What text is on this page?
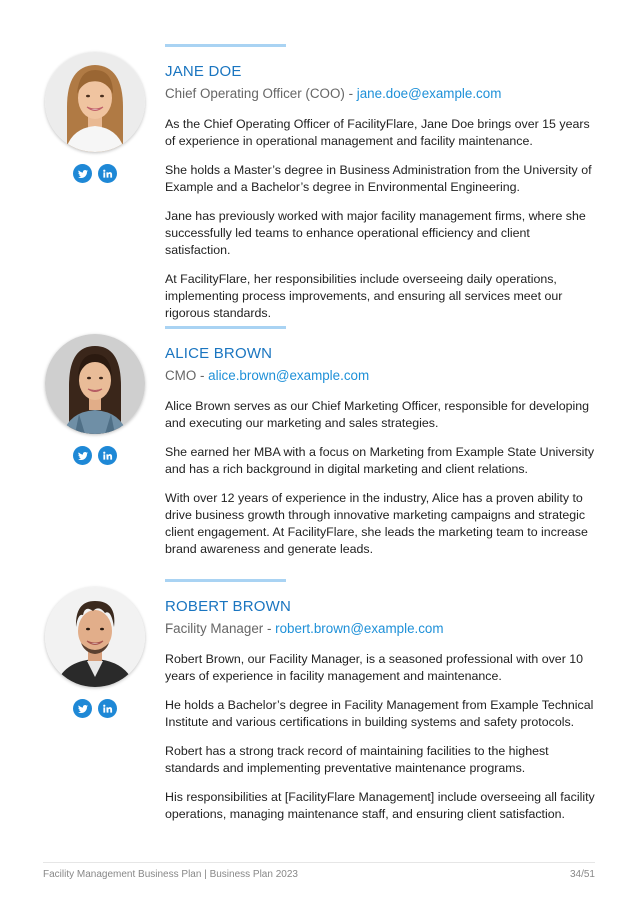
JANE DOE
Chief Operating Officer (COO) - jane.doe@example.com

As the Chief Operating Officer of FacilityFlare, Jane Doe brings over 15 years of experience in operational management and facility maintenance.

She holds a Master’s degree in Business Administration from the University of Example and a Bachelor’s degree in Environmental Engineering.

Jane has previously worked with major facility management firms, where she successfully led teams to enhance operational efficiency and client satisfaction.

At FacilityFlare, her responsibilities include overseeing daily operations, implementing process improvements, and ensuring all services meet our rigorous standards.

ALICE BROWN
CMO - alice.brown@example.com

Alice Brown serves as our Chief Marketing Officer, responsible for developing and executing our marketing and sales strategies.

She earned her MBA with a focus on Marketing from Example State University and has a rich background in digital marketing and client relations.

With over 12 years of experience in the industry, Alice has a proven ability to drive business growth through innovative marketing campaigns and strategic client engagement. At FacilityFlare, she leads the marketing team to increase brand awareness and generate leads.

ROBERT BROWN
Facility Manager - robert.brown@example.com

Robert Brown, our Facility Manager, is a seasoned professional with over 10 years of experience in facility management and maintenance.

He holds a Bachelor’s degree in Facility Management from Example Technical Institute and various certifications in building systems and safety protocols.

Robert has a strong track record of maintaining facilities to the highest standards and implementing preventative maintenance programs.

His responsibilities at [FacilityFlare Management] include overseeing all facility operations, managing maintenance staff, and ensuring client satisfaction.

Facility Management Business Plan | Business Plan 2023	34/51
